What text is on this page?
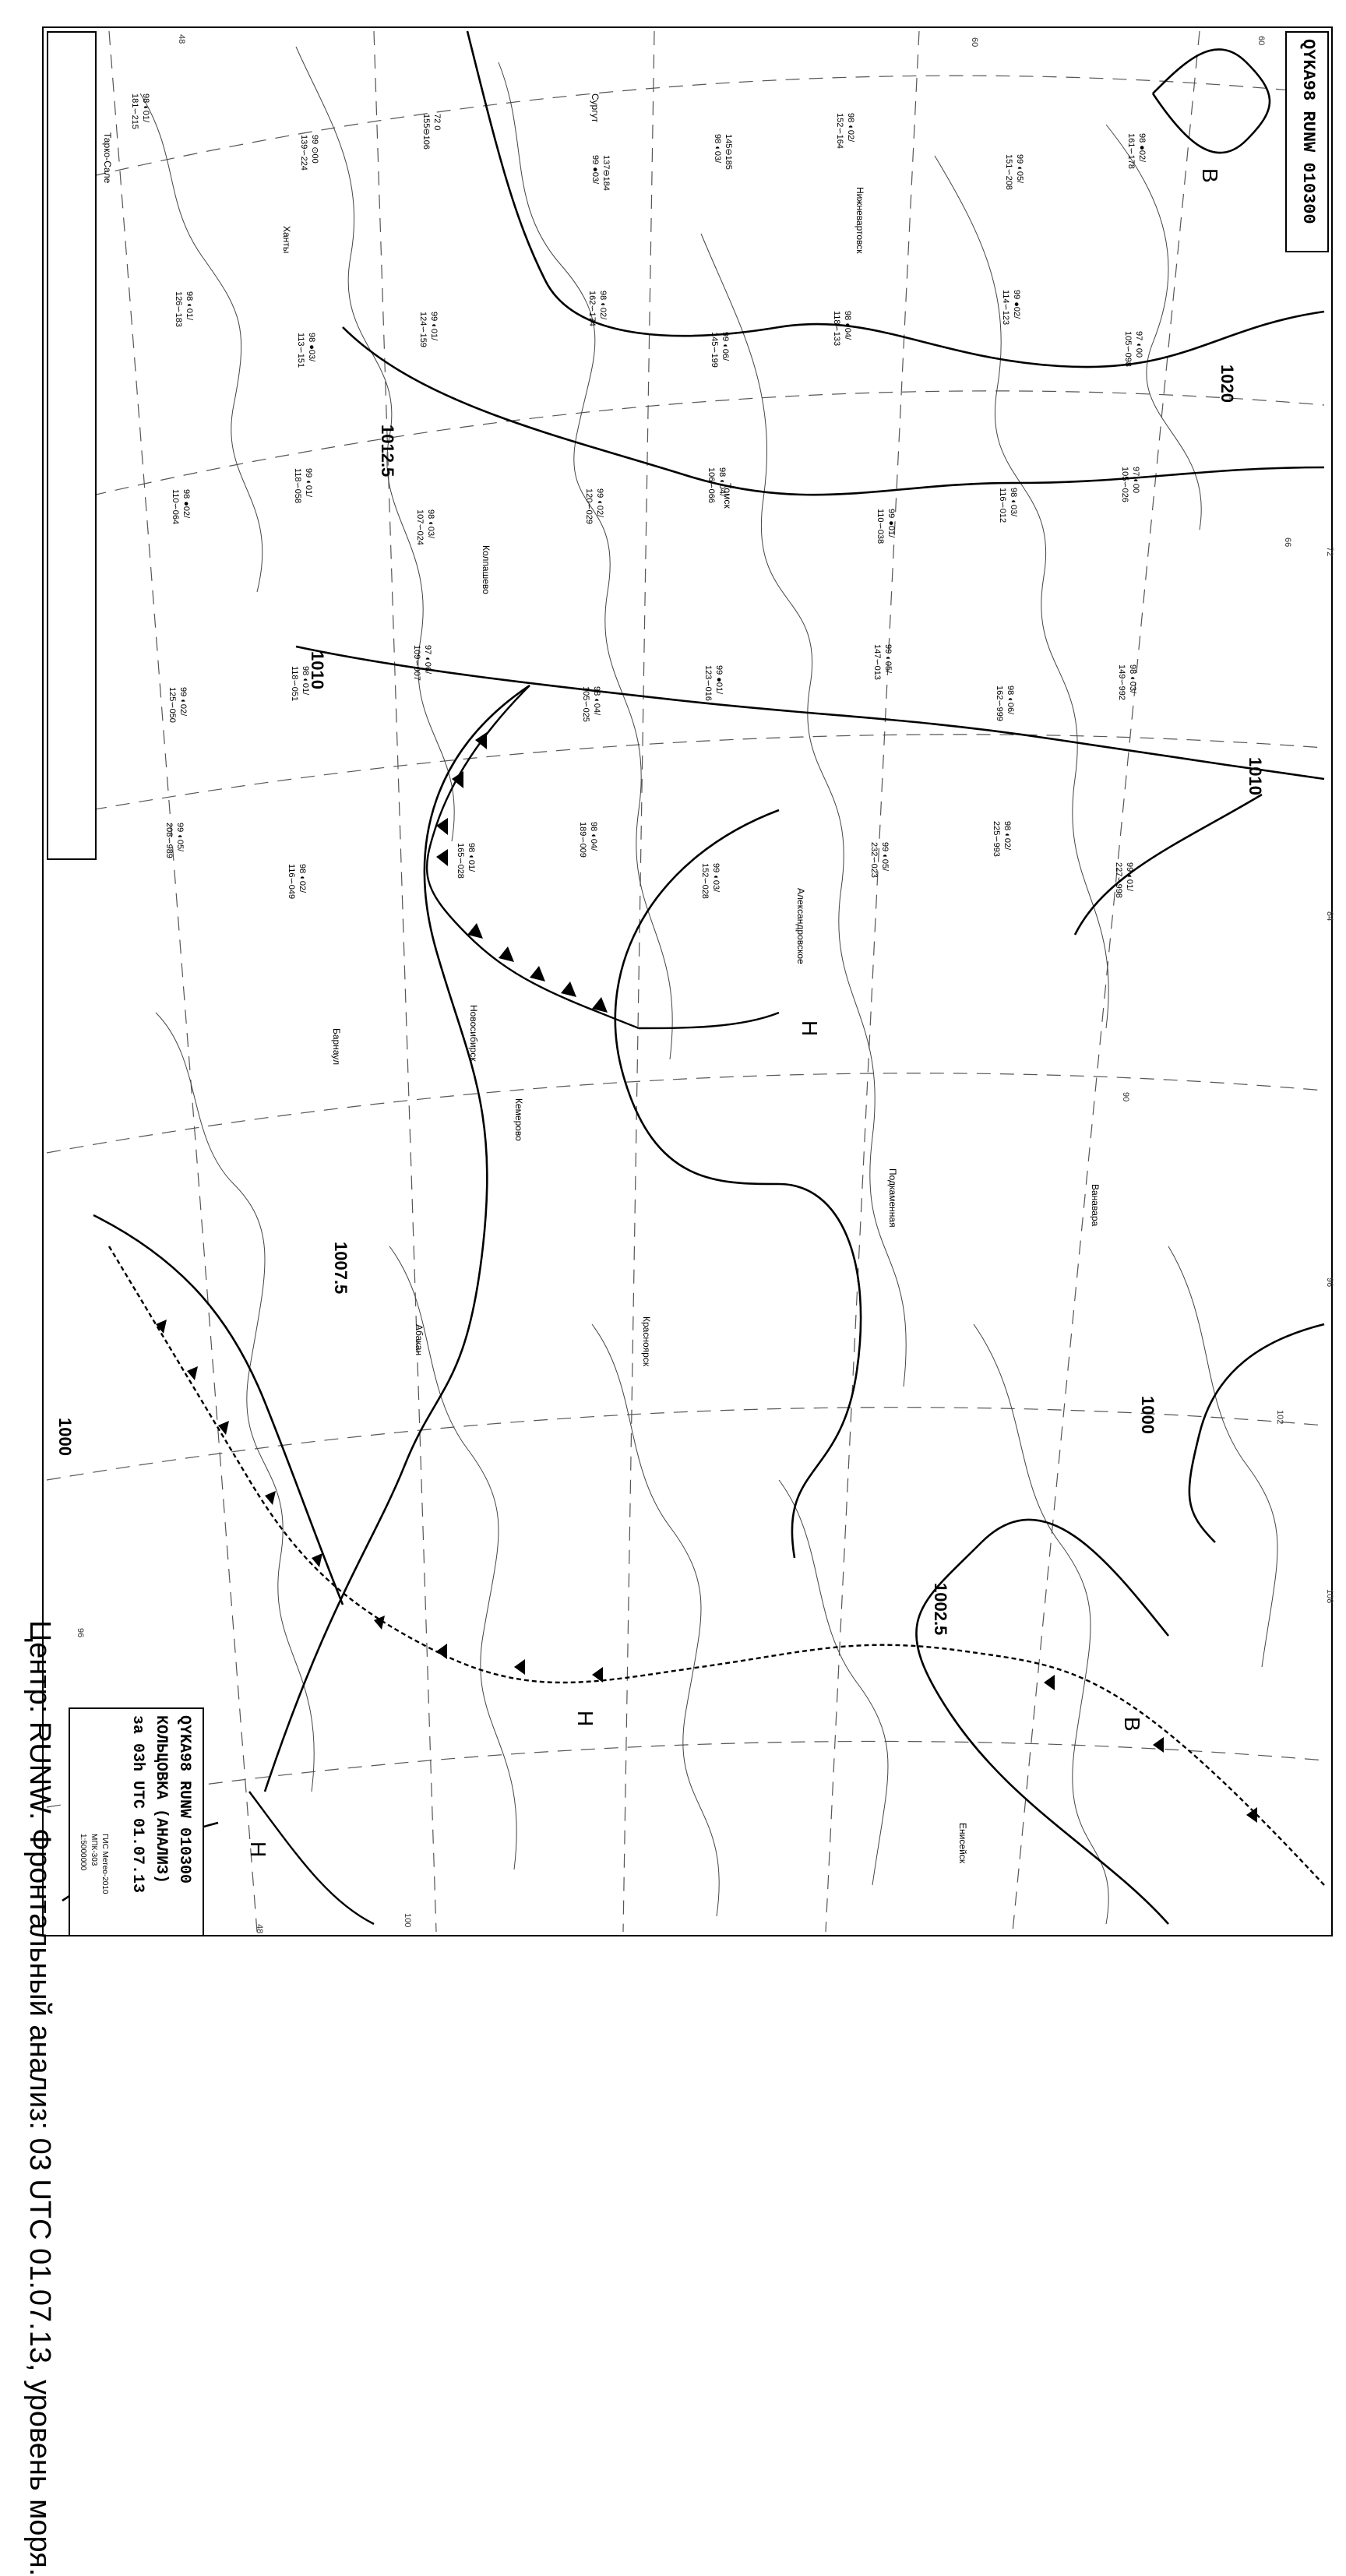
1020
1012.5
1010
1010
1007.5
1002.5
1000
1000
В
Н
Н	В
Н
48	60
72
84
96
108
102
90
96
66
60
48
100
Тарко-Сале
Ханты
Сургут
Нижневартовск
Колпашево
Александровское
Томск
Барнаул	Новосибирск
Кемерово
Красноярск
Енисейск
Ванавара
Подкаменная
Абакан
181∽215 98 ◐01/
139∽224 99 ⊙00	155⊖106 72 0
99 ●03/ 137⊖184
98 ◐03/ 145⊖185
152∽164 98 ◐02/
151∽208 99 ◐05/	161∽178 98 ●02/
126∽183 98 ◐01/
113∽151 98 ●03/	124∽159 99 ◐01/	162∽174 98 ◐02/
145∽199 99 ◐06/
118∽133 98 ◐04/
114∽123 99 ●02/
105∽098 97 ◐00
110∽064 98 ●02/
118∽058 99 ◐01/
107∽024 98 ◐03/	120∽029 99 ◐02/	106∽066 98 ◐04/
110∽038 99 ●01/
116∽012 98 ◐03/	105∽026 97 ◐00
125∽050 99 ◐02/
118∽051 98 ◐01/	109∽007 97 ◐06/
105∽025 98 ◐04/	123∽016 99 ●01/	147∽013 99 ◐05/
162∽999 98 ◐06/	149∽992 98 ◐03/
208∽989 99 ◐05/
116∽049 98 ◐02/	165∽028 98 ◐01/	189∽009 98 ◐04/
152∽028 99 ◐03/	232∽023 99 ◐05/	225∽993 98 ◐02/
227∽998 99 ◐01/
Центр: RUNW. Фронтальный анализ: 03 UTC 01.07.13, уровень моря.
QYKA98 RUNW 010300
QYKA98 RUNW 010300
КОЛЬЦОВКА (АНАЛИЗ)
за 03h UTC 01.07.13
ГИС Метео-2010
МПК-303
1:5000000
